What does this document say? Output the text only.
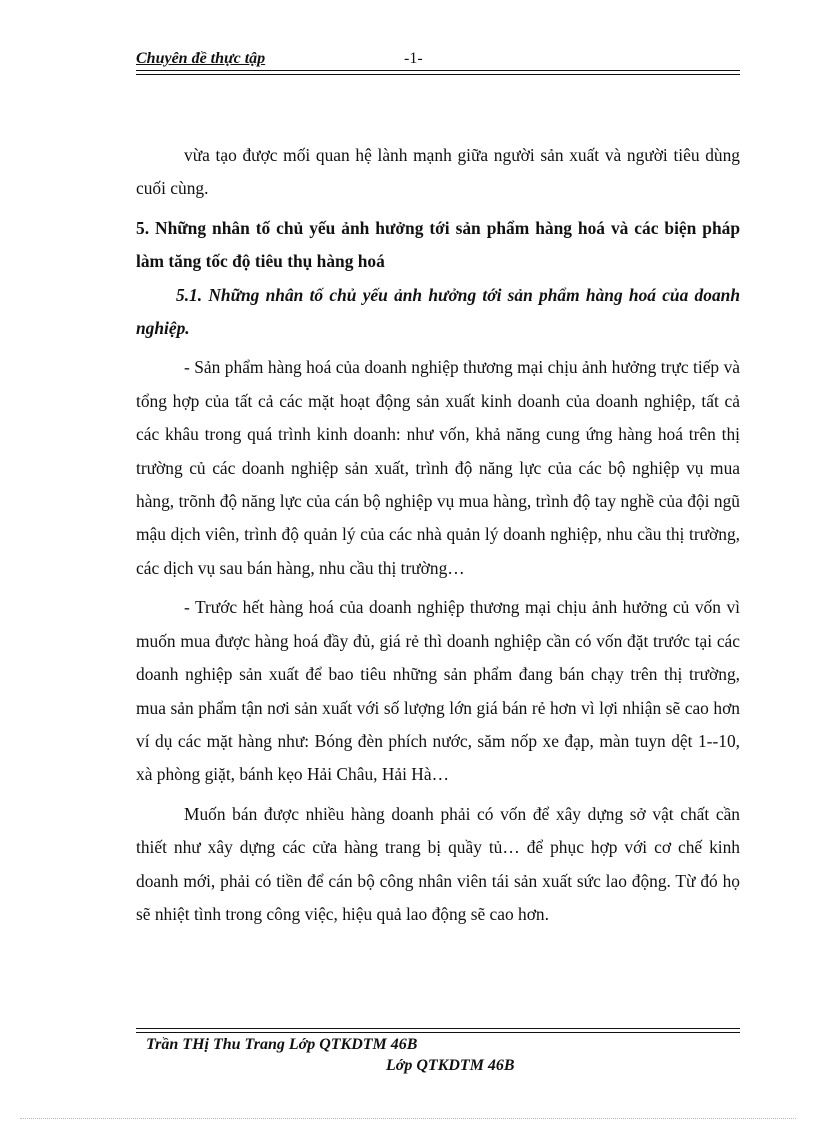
Chuyên đề thực tập	-1-

vừa tạo được mối quan hệ lành mạnh giữa người sản xuất và người tiêu dùng cuối cùng.

5. Những nhân tố chủ yếu ảnh hưởng tới sản phẩm hàng hoá và các biện pháp làm tăng tốc độ tiêu thụ hàng hoá

5.1. Những nhân tố chủ yếu ảnh hưởng tới sản phẩm hàng hoá của doanh nghiệp.

- Sản phẩm hàng hoá của doanh nghiệp thương mại chịu ảnh hưởng trực tiếp và tổng hợp của tất cả các mặt hoạt động sản xuất kinh doanh của doanh nghiệp, tất cả các khâu trong quá trình kinh doanh: như vốn, khả năng cung ứng hàng hoá trên thị trường củ các doanh nghiệp sản xuất, trình độ năng lực của các bộ nghiệp vụ mua hàng, trõnh độ năng lực của cán bộ nghiệp vụ mua hàng, trình độ tay nghề của đội ngũ mậu dịch viên, trình độ quản lý của các nhà quản lý doanh nghiệp, nhu cầu thị trường, các dịch vụ sau bán hàng, nhu cầu thị trường…

- Trước hết hàng hoá của doanh nghiệp thương mại chịu ảnh hưởng củ vốn vì muốn mua được hàng hoá đầy đủ, giá rẻ thì doanh nghiệp cần có vốn đặt trước tại các doanh nghiệp sản xuất để bao tiêu những sản phẩm đang bán chạy trên thị trường, mua sản phẩm tận nơi sản xuất với số lượng lớn giá bán rẻ hơn vì lợi nhiận sẽ cao hơn ví dụ các mặt hàng như: Bóng đèn phích nước, săm nốp xe đạp, màn tuyn dệt 1--10, xà phòng giặt, bánh kẹo Hải Châu, Hải Hà…

Muốn bán được nhiều hàng doanh phải có vốn để xây dựng sở vật chất cần thiết như xây dựng các cửa hàng trang bị quầy tủ… để phục hợp với cơ chế kinh doanh mới, phải có tiền để cán bộ công nhân viên tái sản xuất sức lao động. Từ đó họ sẽ nhiệt tình trong công việc, hiệu quả lao động sẽ cao hơn.

Trần THị Thu Trang Lớp QTKDTM 46B
Lớp QTKDTM 46B
